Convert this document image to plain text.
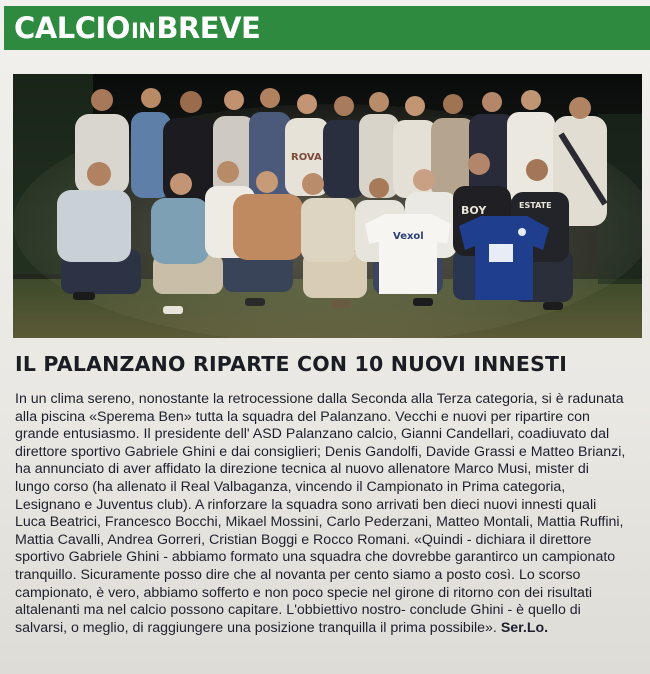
CALCIOINBREVE
ROVA
Vexol
BOY	ESTATE
IL PALANZANO RIPARTE CON 10 NUOVI INNESTI
In un clima sereno, nonostante la retrocessione dalla Seconda alla Terza categoria, si è radunata
alla piscina «Sperema Ben» tutta la squadra del Palanzano. Vecchi e nuovi per ripartire con
grande entusiasmo. Il presidente dell' ASD Palanzano calcio, Gianni Candellari, coadiuvato dal
direttore sportivo Gabriele Ghini e dai consiglieri; Denis Gandolfi, Davide Grassi e Matteo Brianzi,
ha annunciato di aver affidato la direzione tecnica al nuovo allenatore Marco Musi, mister di
lungo corso (ha allenato il Real Valbaganza, vincendo il Campionato in Prima categoria,
Lesignano e Juventus club). A rinforzare la squadra sono arrivati ben dieci nuovi innesti quali
Luca Beatrici, Francesco Bocchi, Mikael Mossini, Carlo Pederzani, Matteo Montali, Mattia Ruffini,
Mattia Cavalli, Andrea Gorreri, Cristian Boggi e Rocco Romani. «Quindi - dichiara il direttore
sportivo Gabriele Ghini - abbiamo formato una squadra che dovrebbe garantirco un campionato
tranquillo. Sicuramente posso dire che al novanta per cento siamo a posto così. Lo scorso
campionato, è vero, abbiamo sofferto e non poco specie nel girone di ritorno con dei risultati
altalenanti ma nel calcio possono capitare. L'obbiettivo nostro- conclude Ghini - è quello di
salvarsi, o meglio, di raggiungere una posizione tranquilla il prima possibile». Ser.Lo.
